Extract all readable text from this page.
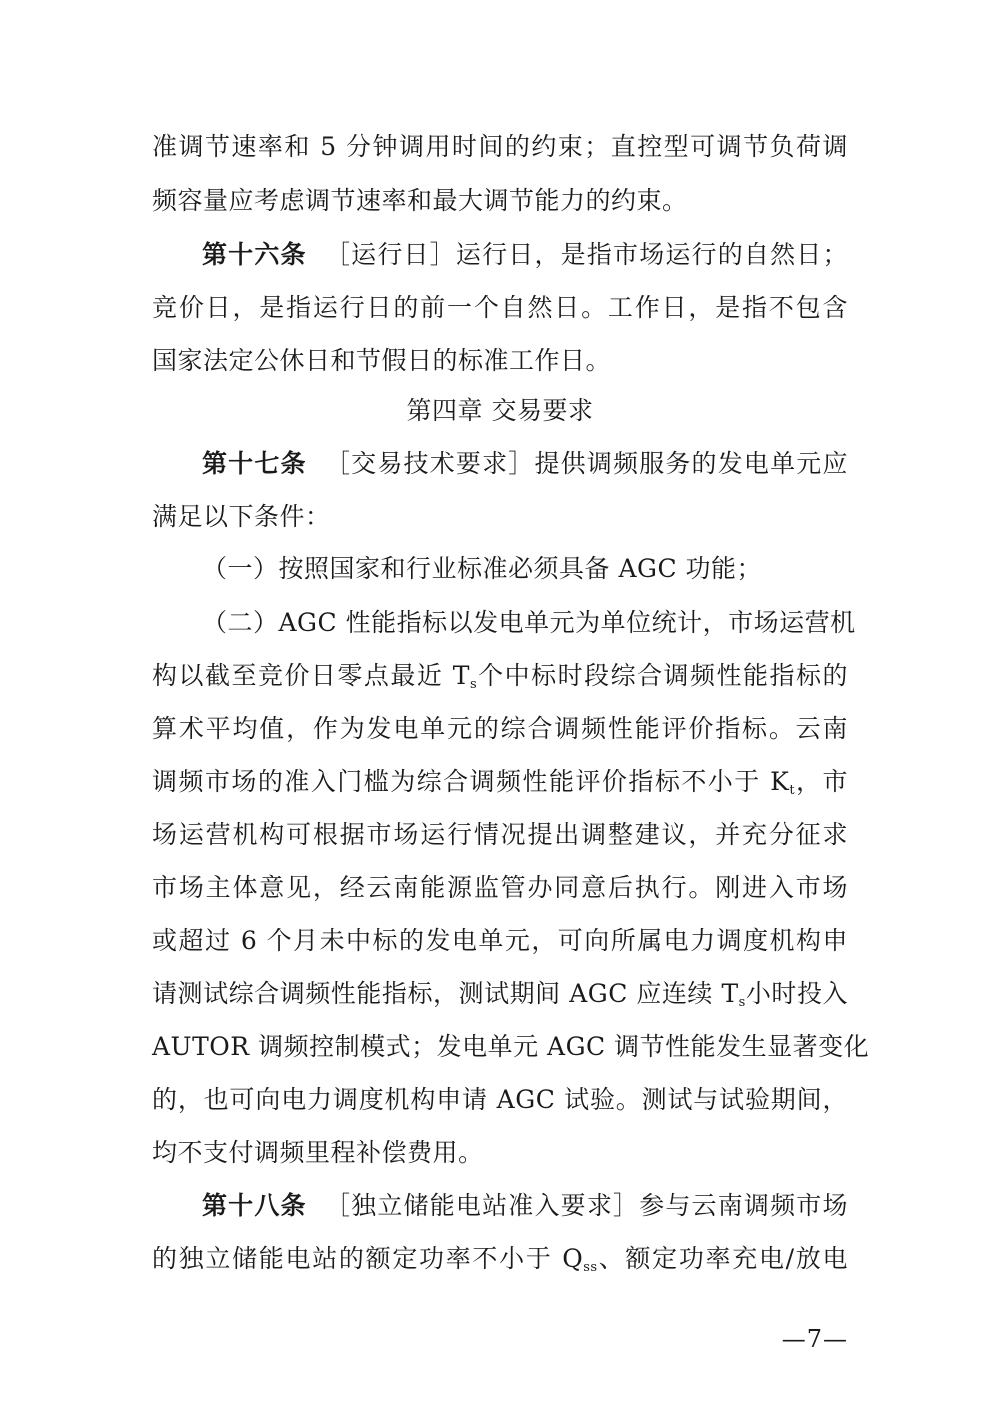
准调节速率和 5 分钟调用时间的约束；直控型可调节负荷调
频容量应考虑调节速率和最大调节能力的约束。
第十六条 ［运行日］运行日，是指市场运行的自然日；
竞价日，是指运行日的前一个自然日。工作日，是指不包含
国家法定公休日和节假日的标准工作日。
第四章 交易要求
第十七条 ［交易技术要求］提供调频服务的发电单元应
满足以下条件：
（一）按照国家和行业标准必须具备 AGC 功能；
（二）AGC 性能指标以发电单元为单位统计，市场运营机
构以截至竞价日零点最近 $T_s$个中标时段综合调频性能指标的
算术平均值，作为发电单元的综合调频性能评价指标。云南
调频市场的准入门槛为综合调频性能评价指标不小于 $K_t$，市
场运营机构可根据市场运行情况提出调整建议，并充分征求
市场主体意见，经云南能源监管办同意后执行。刚进入市场
或超过 6 个月未中标的发电单元，可向所属电力调度机构申
请测试综合调频性能指标，测试期间 AGC 应连续 $T_s$小时投入
AUTOR 调频控制模式；发电单元 AGC 调节性能发生显著变化
的，也可向电力调度机构申请 AGC 试验。测试与试验期间，
均不支付调频里程补偿费用。
第十八条 ［独立储能电站准入要求］参与云南调频市场
的独立储能电站的额定功率不小于 $Q_{ss}$、额定功率充电/放电
—7—
